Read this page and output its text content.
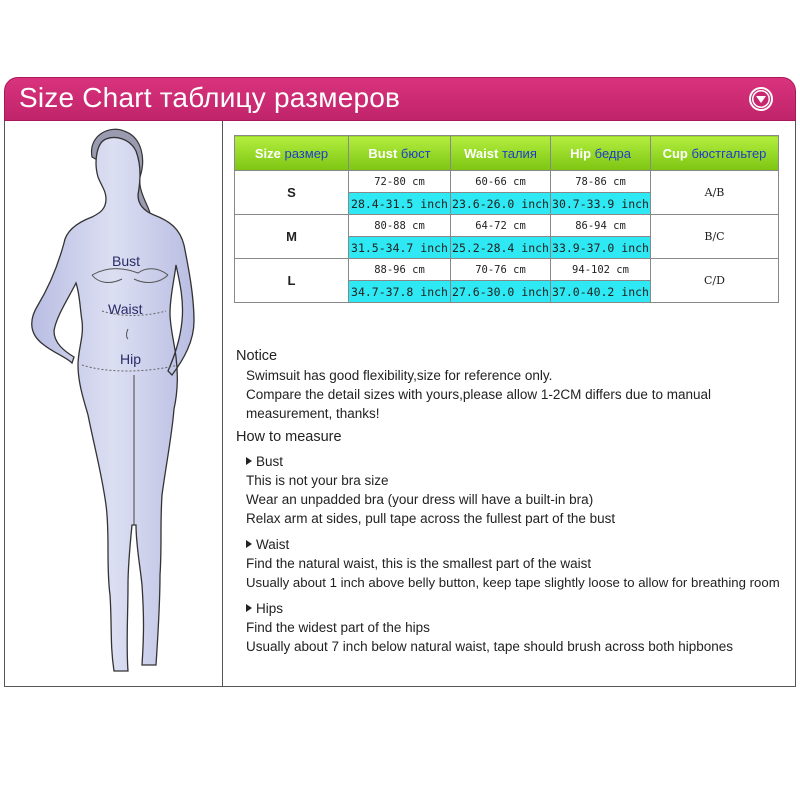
Size Chart таблицу размеров
Bust
Waist
Hip
Size размер	Bust бюст	Waist талия	Hip бедра	Cup бюстгальтер
S	72-80 cm	60-66 cm	78-86 cm	A/B
	28.4-31.5 inch	23.6-26.0 inch	30.7-33.9 inch	
M	80-88 cm	64-72 cm	86-94 cm	B/C
	31.5-34.7 inch	25.2-28.4 inch	33.9-37.0 inch	
L	88-96 cm	70-76 cm	94-102 cm	C/D
	34.7-37.8 inch	27.6-30.0 inch	37.0-40.2 inch	
Notice
Swimsuit has good flexibility,size for reference only.
Compare the detail sizes with yours,please allow 1-2CM differs due to manual
measurement, thanks!
How to measure
Bust
This is not your bra size
Wear an unpadded bra (your dress will have a built-in bra)
Relax arm at sides, pull tape across the fullest part of the bust
Waist
Find the natural waist, this is the smallest part of the waist
Usually about 1 inch above belly button, keep tape slightly loose to allow for breathing room
Hips
Find the widest part of the hips
Usually about 7 inch below natural waist, tape should brush across both hipbones
